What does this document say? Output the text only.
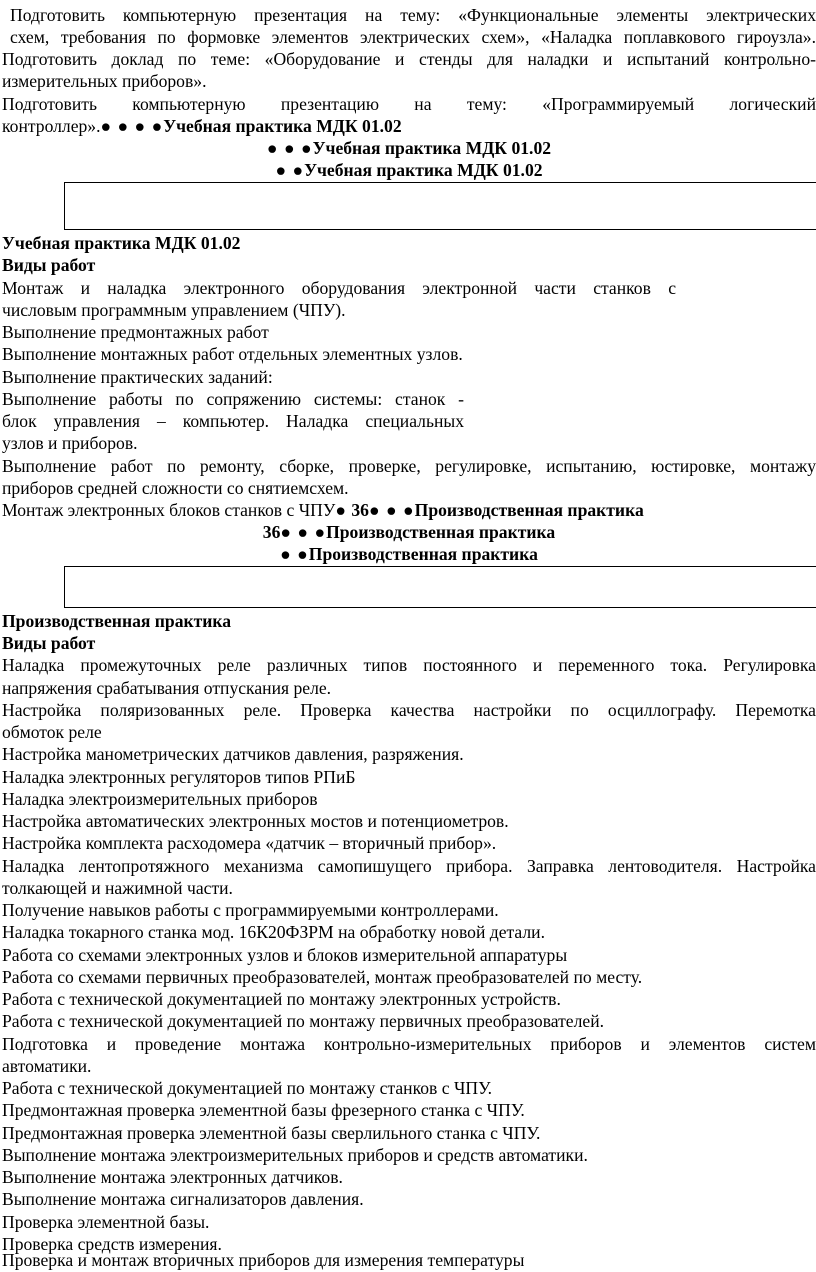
Подготовить компьютерную презентация на тему: «Функциональные элементы электрических
схем, требования по формовке элементов электрических схем», «Наладка поплавкового гироузла».
Подготовить доклад по теме: «Оборудование и стенды для наладки и испытаний контрольно-
измерительных приборов».
Подготовить компьютерную презентацию на тему: «Программируемый логический
контроллер».● ● ● ●Учебная практика МДК 01.02
● ● ●Учебная практика МДК 01.02
● ●Учебная практика МДК 01.02
Учебная практика МДК 01.02
Виды работ
Монтаж и наладка электронного оборудования электронной части станков с
числовым программным управлением (ЧПУ).
Выполнение предмонтажных работ
Выполнение монтажных работ отдельных элементных узлов.
Выполнение практических заданий:
Выполнение работы по сопряжению системы: станок -
блок управления – компьютер. Наладка специальных
узлов и приборов.
Выполнение работ по ремонту, сборке, проверке, регулировке, испытанию, юстировке, монтажу
приборов средней сложности со снятиемсхем.
Монтаж электронных блоков станков с ЧПУ● 36● ● ●Производственная практика
36● ● ●Производственная практика
● ●Производственная практика
Производственная практика
Виды работ
Наладка промежуточных реле различных типов постоянного и переменного тока. Регулировка
напряжения срабатывания отпускания реле.
Настройка поляризованных реле. Проверка качества настройки по осциллографу. Перемотка
обмоток реле
Настройка манометрических датчиков давления, разряжения.
Наладка электронных регуляторов типов РПиБ
Наладка электроизмерительных приборов
Настройка автоматических электронных мостов и потенциометров.
Настройка комплекта расходомера «датчик – вторичный прибор».
Наладка лентопротяжного механизма самопишущего прибора. Заправка лентоводителя. Настройка
толкающей и нажимной части.
Получение навыков работы с программируемыми контроллерами.
Наладка токарного станка мод. 16К20ФЗРМ на обработку новой детали.
Работа со схемами электронных узлов и блоков измерительной аппаратуры
Работа со схемами первичных преобразователей, монтаж преобразователей по месту.
Работа с технической документацией по монтажу электронных устройств.
Работа с технической документацией по монтажу первичных преобразователей.
Подготовка и проведение монтажа контрольно-измерительных приборов и элементов систем
автоматики.
Работа с технической документацией по монтажу станков с ЧПУ.
Предмонтажная проверка элементной базы фрезерного станка с ЧПУ.
Предмонтажная проверка элементной базы сверлильного станка с ЧПУ.
Выполнение монтажа электроизмерительных приборов и средств автоматики.
Выполнение монтажа электронных датчиков.
Выполнение монтажа сигнализаторов давления.
Проверка элементной базы.
Проверка средств измерения.
Проверка и монтаж вторичных приборов для измерения температуры
